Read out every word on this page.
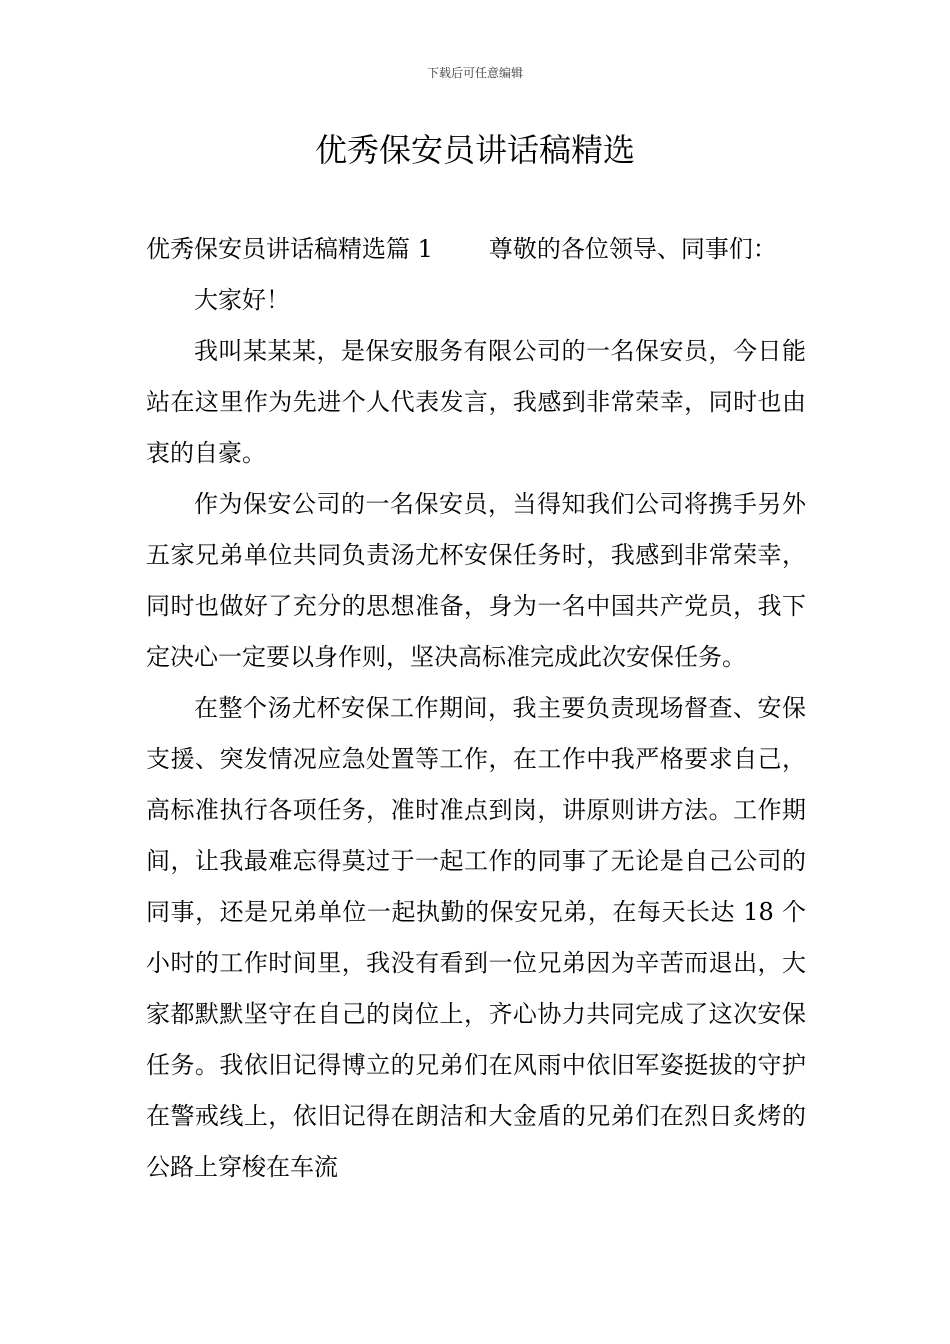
下载后可任意编辑
优秀保安员讲话稿精选

优秀保安员讲话稿精选篇 1 尊敬的各位领导、同事们：

大家好！

我叫某某某，是保安服务有限公司的一名保安员，今日能站在这里作为先进个人代表发言，我感到非常荣幸，同时也由衷的自豪。

作为保安公司的一名保安员，当得知我们公司将携手另外五家兄弟单位共同负责汤尤杯安保任务时，我感到非常荣幸，同时也做好了充分的思想准备，身为一名中国共产党员，我下定决心一定要以身作则，坚决高标准完成此次安保任务。

在整个汤尤杯安保工作期间，我主要负责现场督查、安保支援、突发情况应急处置等工作，在工作中我严格要求自己，高标准执行各项任务，准时准点到岗，讲原则讲方法。工作期间，让我最难忘得莫过于一起工作的同事了无论是自己公司的同事，还是兄弟单位一起执勤的保安兄弟，在每天长达 18 个小时的工作时间里，我没有看到一位兄弟因为辛苦而退出，大家都默默坚守在自己的岗位上，齐心协力共同完成了这次安保任务。我依旧记得博立的兄弟们在风雨中依旧军姿挺拔的守护在警戒线上，依旧记得在朗洁和大金盾的兄弟们在烈日炙烤的公路上穿梭在车流
